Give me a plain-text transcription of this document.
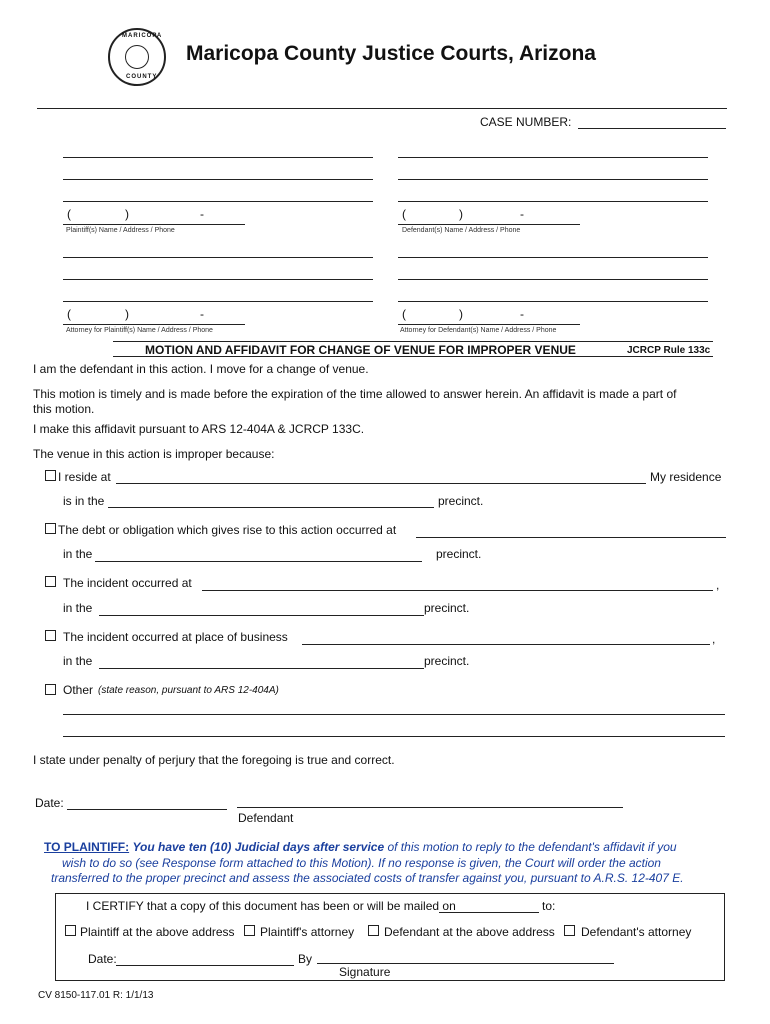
MARICOPA
COUNTY
Maricopa County Justice Courts, Arizona
CASE NUMBER:
(	)	-
Plaintiff(s) Name / Address / Phone
(	)	-
Defendant(s) Name / Address / Phone
(	)	-
Attorney for Plaintiff(s) Name / Address / Phone
(	)	-
Attorney for Defendant(s) Name / Address / Phone
MOTION AND AFFIDAVIT FOR CHANGE OF VENUE FOR IMPROPER VENUE	JCRCP Rule 133c
I am the defendant in this action. I move for a change of venue.
This motion is timely and is made before the expiration of the time allowed to answer herein. An affidavit is made a part of
this motion.
I make this affidavit pursuant to ARS 12-404A & JCRCP 133C.
The venue in this action is improper because:
I reside at	My residence
is in the	precinct.
The debt or obligation which gives rise to this action occurred at
in the	precinct.
The incident occurred at	,
in the	precinct.
The incident occurred at place of business	,
in the	precinct.
Other (state reason, pursuant to ARS 12-404A)
I state under penalty of perjury that the foregoing is true and correct.
Date:
Defendant
TO PLAINTIFF: You have ten (10) Judicial days after service of this motion to reply to the defendant's affidavit if you
wish to do so (see Response form attached to this Motion). If no response is given, the Court will order the action
transferred to the proper precinct and assess the associated costs of transfer against you, pursuant to A.R.S. 12-407 E.
I CERTIFY that a copy of this document has been or will be mailed on	to:
Plaintiff at the above address Plaintiff's attorney Defendant at the above address Defendant's attorney
Date:	By
Signature
CV 8150-117.01 R: 1/1/13
